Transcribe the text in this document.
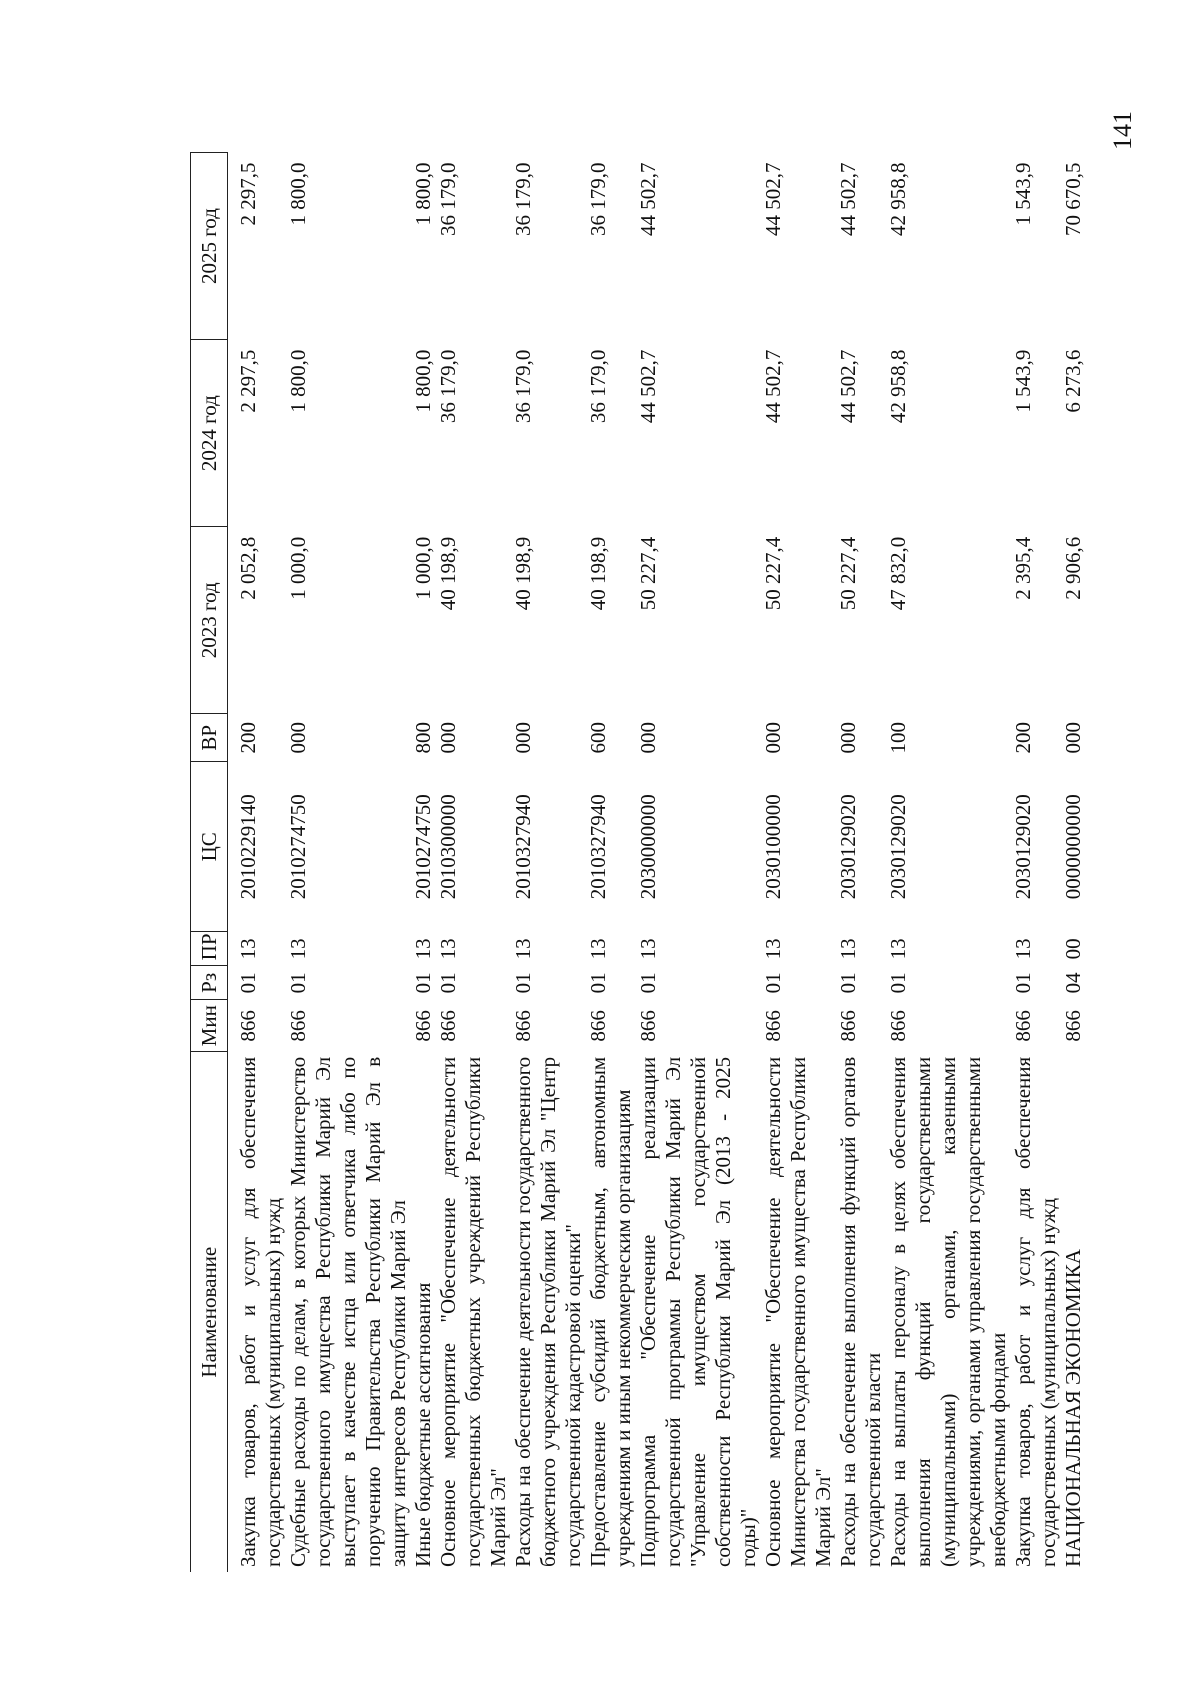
141
Наименование	Мин	Рз	ПР	ЦС	ВР	2023 год	2024 год	2025 год
Закупка товаров, работ и услуг для обеспечения государственных (муниципальных) нужд	866	01	13	2010229140	200	2 052,8	2 297,5	2 297,5
Судебные расходы по делам, в которых Министерство государственного имущества Республики Марий Эл выступает в качестве истца или ответчика либо по поручению Правительства Республики Марий Эл в защиту интересов Республики Марий Эл	866	01	13	2010274750	000	1 000,0	1 800,0	1 800,0
Иные бюджетные ассигнования	866	01	13	2010274750	800	1 000,0	1 800,0	1 800,0
Основное мероприятие "Обеспечение деятельности государственных бюджетных учреждений Республики Марий Эл"	866	01	13	2010300000	000	40 198,9	36 179,0	36 179,0
Расходы на обеспечение деятельности государственного бюджетного учреждения Республики Марий Эл "Центр государственной кадастровой оценки"	866	01	13	2010327940	000	40 198,9	36 179,0	36 179,0
Предоставление субсидий бюджетным, автономным учреждениям и иным некоммерческим организациям	866	01	13	2010327940	600	40 198,9	36 179,0	36 179,0
Подпрограмма "Обеспечение реализации государственной программы Республики Марий Эл "Управление имуществом государственной собственности Республики Марий Эл (2013 - 2025 годы)"	866	01	13	2030000000	000	50 227,4	44 502,7	44 502,7
Основное мероприятие "Обеспечение деятельности Министерства государственного имущества Республики Марий Эл"	866	01	13	2030100000	000	50 227,4	44 502,7	44 502,7
Расходы на обеспечение выполнения функций органов государственной власти	866	01	13	2030129020	000	50 227,4	44 502,7	44 502,7
Расходы на выплаты персоналу в целях обеспечения выполнения функций государственными (муниципальными) органами, казенными учреждениями, органами управления государственными внебюджетными фондами	866	01	13	2030129020	100	47 832,0	42 958,8	42 958,8
Закупка товаров, работ и услуг для обеспечения государственных (муниципальных) нужд	866	01	13	2030129020	200	2 395,4	1 543,9	1 543,9
НАЦИОНАЛЬНАЯ ЭКОНОМИКА	866	04	00	0000000000	000	2 906,6	6 273,6	70 670,5
